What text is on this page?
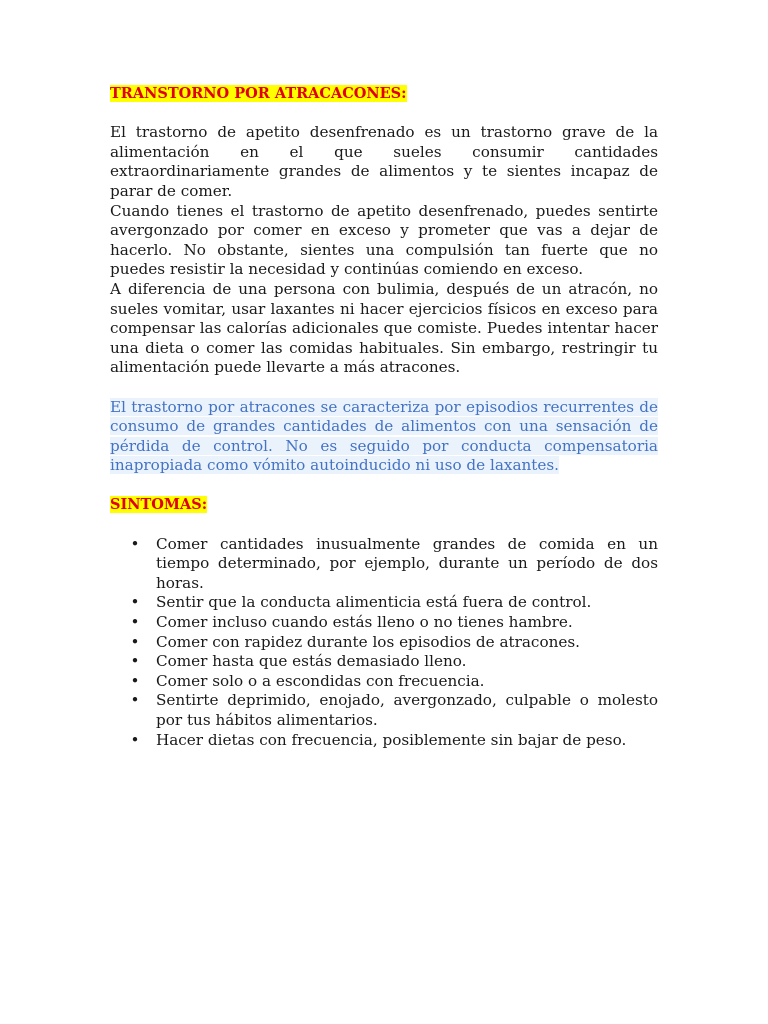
TRANSTORNO POR ATRACACONES:

El trastorno de apetito desenfrenado es un trastorno grave de la alimentación en el que sueles consumir cantidades extraordinariamente grandes de alimentos y te sientes incapaz de parar de comer.

Cuando tienes el trastorno de apetito desenfrenado, puedes sentirte avergonzado por comer en exceso y prometer que vas a dejar de hacerlo. No obstante, sientes una compulsión tan fuerte que no puedes resistir la necesidad y continúas comiendo en exceso.

A diferencia de una persona con bulimia, después de un atracón, no sueles vomitar, usar laxantes ni hacer ejercicios físicos en exceso para compensar las calorías adicionales que comiste. Puedes intentar hacer una dieta o comer las comidas habituales. Sin embargo, restringir tu alimentación puede llevarte a más atracones.

El trastorno por atracones se caracteriza por episodios recurrentes de consumo de grandes cantidades de alimentos con una sensación de pérdida de control. No es seguido por conducta compensatoria inapropiada como vómito autoinducido ni uso de laxantes.

SINTOMAS:

• Comer cantidades inusualmente grandes de comida en un tiempo determinado, por ejemplo, durante un período de dos horas.
• Sentir que la conducta alimenticia está fuera de control.
• Comer incluso cuando estás lleno o no tienes hambre.
• Comer con rapidez durante los episodios de atracones.
• Comer hasta que estás demasiado lleno.
• Comer solo o a escondidas con frecuencia.
• Sentirte deprimido, enojado, avergonzado, culpable o molesto por tus hábitos alimentarios.
• Hacer dietas con frecuencia, posiblemente sin bajar de peso.
